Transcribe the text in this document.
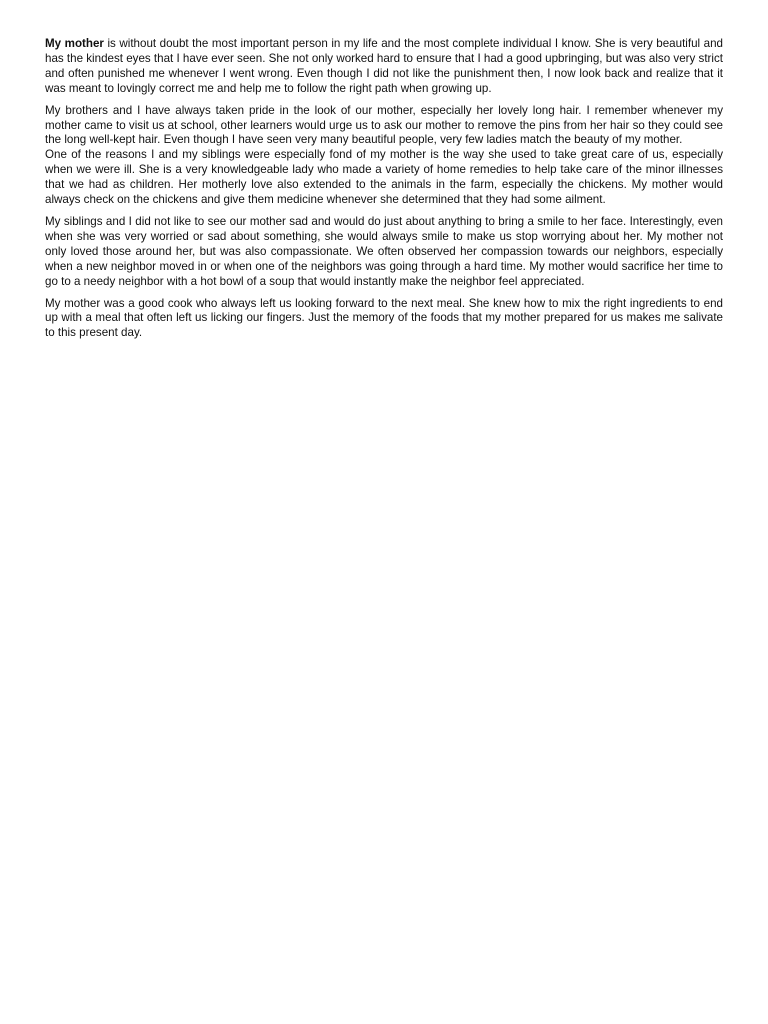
My mother is without doubt the most important person in my life and the most complete individual I know. She is very beautiful and has the kindest eyes that I have ever seen. She not only worked hard to ensure that I had a good upbringing, but was also very strict and often punished me whenever I went wrong. Even though I did not like the punishment then, I now look back and realize that it was meant to lovingly correct me and help me to follow the right path when growing up.

My brothers and I have always taken pride in the look of our mother, especially her lovely long hair. I remember whenever my mother came to visit us at school, other learners would urge us to ask our mother to remove the pins from her hair so they could see the long well-kept hair. Even though I have seen very many beautiful people, very few ladies match the beauty of my mother.

One of the reasons I and my siblings were especially fond of my mother is the way she used to take great care of us, especially when we were ill. She is a very knowledgeable lady who made a variety of home remedies to help take care of the minor illnesses that we had as children. Her motherly love also extended to the animals in the farm, especially the chickens. My mother would always check on the chickens and give them medicine whenever she determined that they had some ailment.

My siblings and I did not like to see our mother sad and would do just about anything to bring a smile to her face. Interestingly, even when she was very worried or sad about something, she would always smile to make us stop worrying about her. My mother not only loved those around her, but was also compassionate. We often observed her compassion towards our neighbors, especially when a new neighbor moved in or when one of the neighbors was going through a hard time. My mother would sacrifice her time to go to a needy neighbor with a hot bowl of a soup that would instantly make the neighbor feel appreciated.

My mother was a good cook who always left us looking forward to the next meal. She knew how to mix the right ingredients to end up with a meal that often left us licking our fingers. Just the memory of the foods that my mother prepared for us makes me salivate to this present day.
